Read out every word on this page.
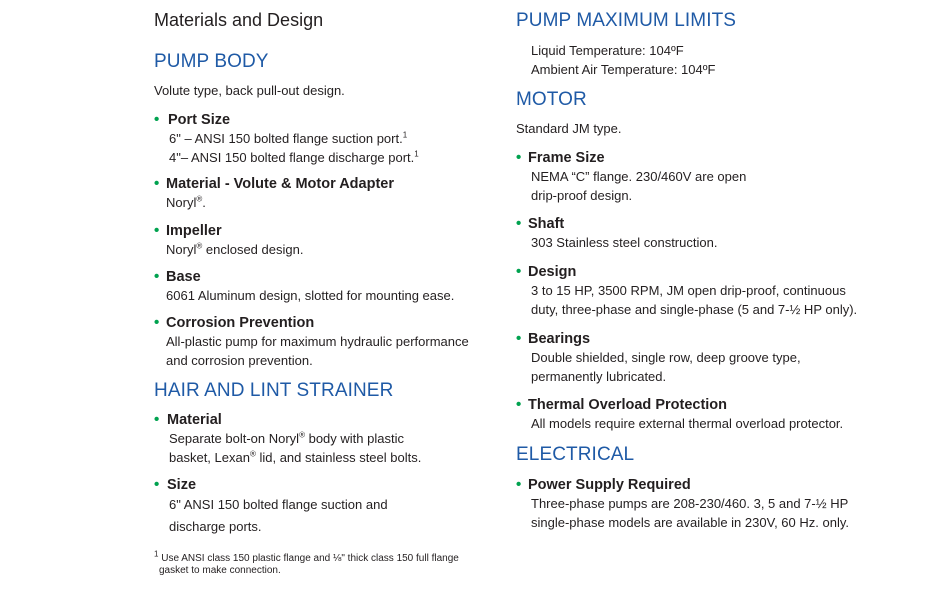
Materials and Design
PUMP BODY
Volute type, back pull-out design.
• Port Size
6" – ANSI 150 bolted flange suction port.$^1$
4"– ANSI 150 bolted flange discharge port.$^1$
• Material - Volute & Motor Adapter
Noryl®.
• Impeller
Noryl® enclosed design.
• Base
6061 Aluminum design, slotted for mounting ease.
• Corrosion Prevention
All-plastic pump for maximum hydraulic performance
and corrosion prevention.
HAIR AND LINT STRAINER
• Material
Separate bolt-on Noryl® body with plastic
basket, Lexan® lid, and stainless steel bolts.
• Size
6" ANSI 150 bolted flange suction and
discharge ports.
$^1$ Use ANSI class 150 plastic flange and ⅛" thick class 150 full flange
gasket to make connection.
PUMP MAXIMUM LIMITS
Liquid Temperature: 104ºF
Ambient Air Temperature: 104ºF
MOTOR
Standard JM type.
• Frame Size
NEMA “C” flange. 230/460V are open
drip-proof design.
• Shaft
303 Stainless steel construction.
• Design
3 to 15 HP, 3500 RPM, JM open drip-proof, continuous
duty, three-phase and single-phase (5 and 7-½ HP only).
• Bearings
Double shielded, single row, deep groove type,
permanently lubricated.
• Thermal Overload Protection
All models require external thermal overload protector.
ELECTRICAL
• Power Supply Required
Three-phase pumps are 208-230/460. 3, 5 and 7-½ HP
single-phase models are available in 230V, 60 Hz. only.
